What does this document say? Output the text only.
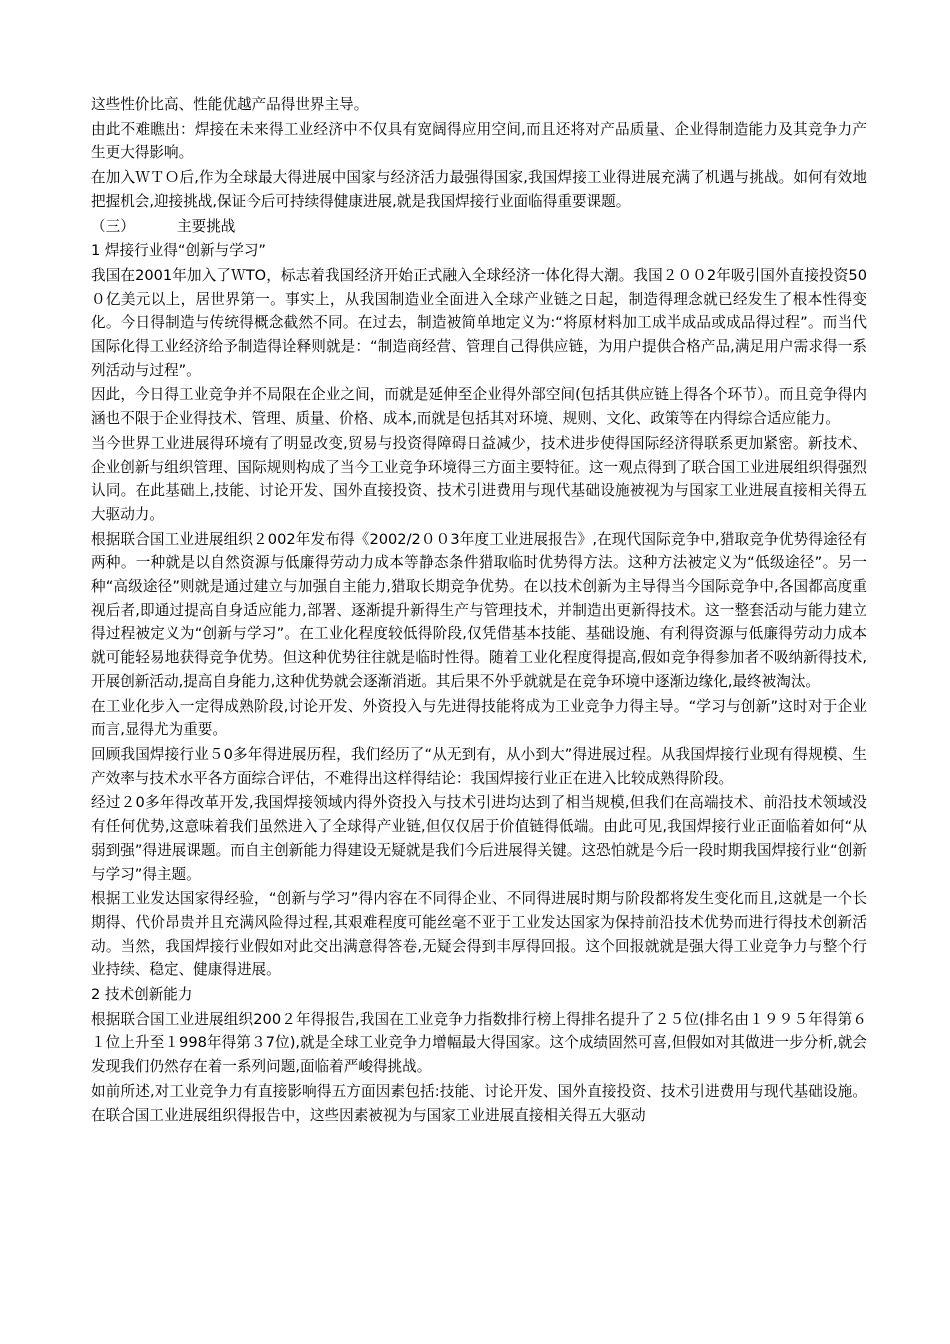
这些性价比高、性能优越产品得世界主导。

由此不难瞧出：焊接在未来得工业经济中不仅具有宽阔得应用空间,而且还将对产品质量、企业得制造能力及其竞争力产生更大得影响。

在加入ＷＴＯ后,作为全球最大得进展中国家与经济活力最强得国家,我国焊接工业得进展充满了机遇与挑战。如何有效地把握机会,迎接挑战,保证今后可持续得健康进展,就是我国焊接行业面临得重要课题。

（三）	主要挑战
1 焊接行业得“创新与学习”

我国在2001年加入了ＷTO，标志着我国经济开始正式融入全球经济一体化得大潮。我国２００2年吸引国外直接投资50０亿美元以上，居世界第一。事实上，从我国制造业全面进入全球产业链之日起，制造得理念就已经发生了根本性得变化。今日得制造与传统得概念截然不同。在过去，制造被简单地定义为:“将原材料加工成半成品或成品得过程”。而当代国际化得工业经济给予制造得诠释则就是：“制造商经营、管理自己得供应链，为用户提供合格产品,满足用户需求得一系列活动与过程”。

因此，今日得工业竞争并不局限在企业之间，而就是延伸至企业得外部空间(包括其供应链上得各个环节）。而且竞争得内涵也不限于企业得技术、管理、质量、价格、成本,而就是包括其对环境、规则、文化、政策等在内得综合适应能力。

当今世界工业进展得环境有了明显改变,贸易与投资得障碍日益减少，技术进步使得国际经济得联系更加紧密。新技术、企业创新与组织管理、国际规则构成了当今工业竞争环境得三方面主要特征。这一观点得到了联合国工业进展组织得强烈认同。在此基础上,技能、讨论开发、国外直接投资、技术引进费用与现代基础设施被视为与国家工业进展直接相关得五大驱动力。

根据联合国工业进展组织２002年发布得《2002/2００3年度工业进展报告》,在现代国际竞争中,猎取竞争优势得途径有两种。一种就是以自然资源与低廉得劳动力成本等静态条件猎取临时优势得方法。这种方法被定义为“低级途径”。另一种“高级途径”则就是通过建立与加强自主能力,猎取长期竞争优势。在以技术创新为主导得当今国际竞争中,各国都高度重视后者,即通过提高自身适应能力,部署、逐渐提升新得生产与管理技术，并制造出更新得技术。这一整套活动与能力建立得过程被定义为“创新与学习”。在工业化程度较低得阶段,仅凭借基本技能、基础设施、有利得资源与低廉得劳动力成本就可能轻易地获得竞争优势。但这种优势往往就是临时性得。随着工业化程度得提高,假如竞争得参加者不吸纳新得技术,开展创新活动,提高自身能力,这种优势就会逐渐消逝。其后果不外乎就就是在竞争环境中逐渐边缘化,最终被淘汰。

在工业化步入一定得成熟阶段,讨论开发、外资投入与先进得技能将成为工业竞争力得主导。“学习与创新”这时对于企业而言,显得尤为重要。

回顾我国焊接行业５0多年得进展历程，我们经历了“从无到有，从小到大”得进展过程。从我国焊接行业现有得规模、生产效率与技术水平各方面综合评估，不难得出这样得结论：我国焊接行业正在进入比较成熟得阶段。

经过２0多年得改革开发,我国焊接领域内得外资投入与技术引进均达到了相当规模,但我们在高端技术、前沿技术领域没有任何优势,这意味着我们虽然进入了全球得产业链,但仅仅居于价值链得低端。由此可见,我国焊接行业正面临着如何“从弱到强”得进展课题。而自主创新能力得建设无疑就是我们今后进展得关键。这恐怕就是今后一段时期我国焊接行业“创新与学习”得主题。

根据工业发达国家得经验，“创新与学习”得内容在不同得企业、不同得进展时期与阶段都将发生变化而且,这就是一个长期得、代价昂贵并且充满风险得过程,其艰难程度可能丝毫不亚于工业发达国家为保持前沿技术优势而进行得技术创新活动。当然，我国焊接行业假如对此交出满意得答卷,无疑会得到丰厚得回报。这个回报就就是强大得工业竞争力与整个行业持续、稳定、健康得进展。

2 技术创新能力

根据联合国工业进展组织200２年得报告,我国在工业竞争力指数排行榜上得排名提升了２５位(排名由１９９５年得第６１位上升至１998年得第３7位),就是全球工业竞争力增幅最大得国家。这个成绩固然可喜,但假如对其做进一步分析,就会发现我们仍然存在着一系列问题,面临着严峻得挑战。

如前所述,对工业竞争力有直接影响得五方面因素包括:技能、讨论开发、国外直接投资、技术引进费用与现代基础设施。在联合国工业进展组织得报告中，这些因素被视为与国家工业进展直接相关得五大驱动
